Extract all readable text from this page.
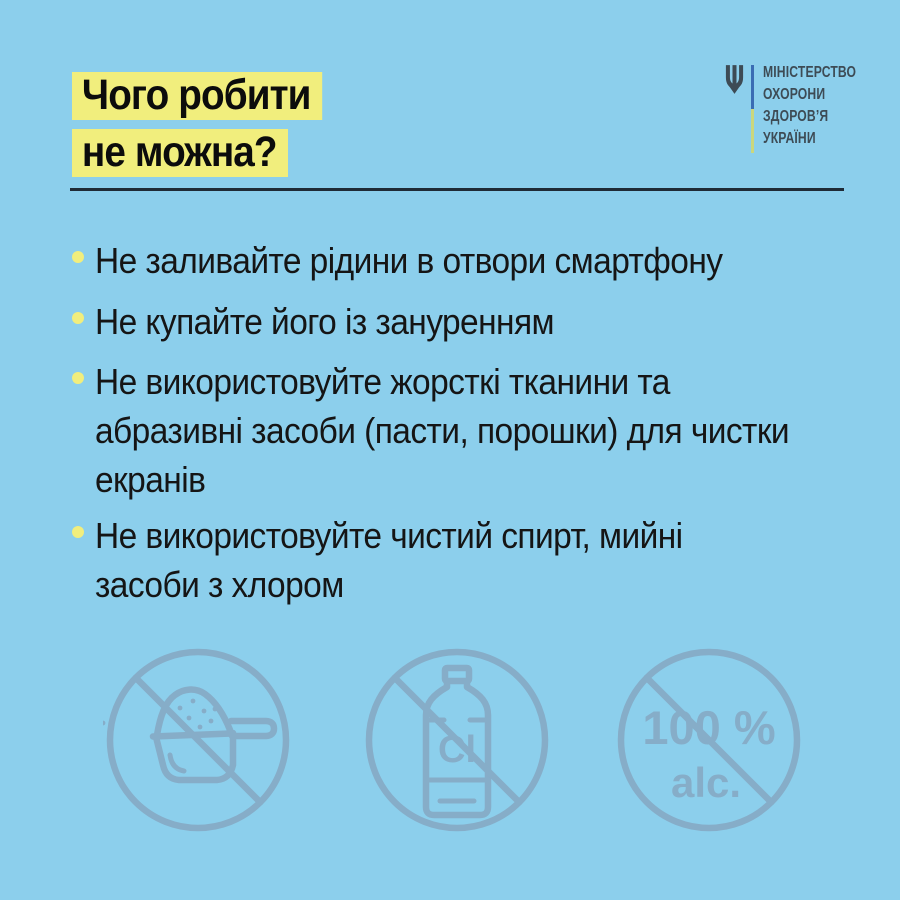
Чого робити
не можна?
МІНІСТЕРСТВО
ОХОРОНИ
ЗДОРОВ’Я
УКРАЇНИ
Не заливайте рідини в отвори смартфону
Не купайте його із зануренням
Не використовуйте жорсткі тканини та
абразивні засоби (пасти, порошки) для чистки
екранів
Не використовуйте чистий спирт, мийні
засоби з хлором
Cl	100 %
alc.
